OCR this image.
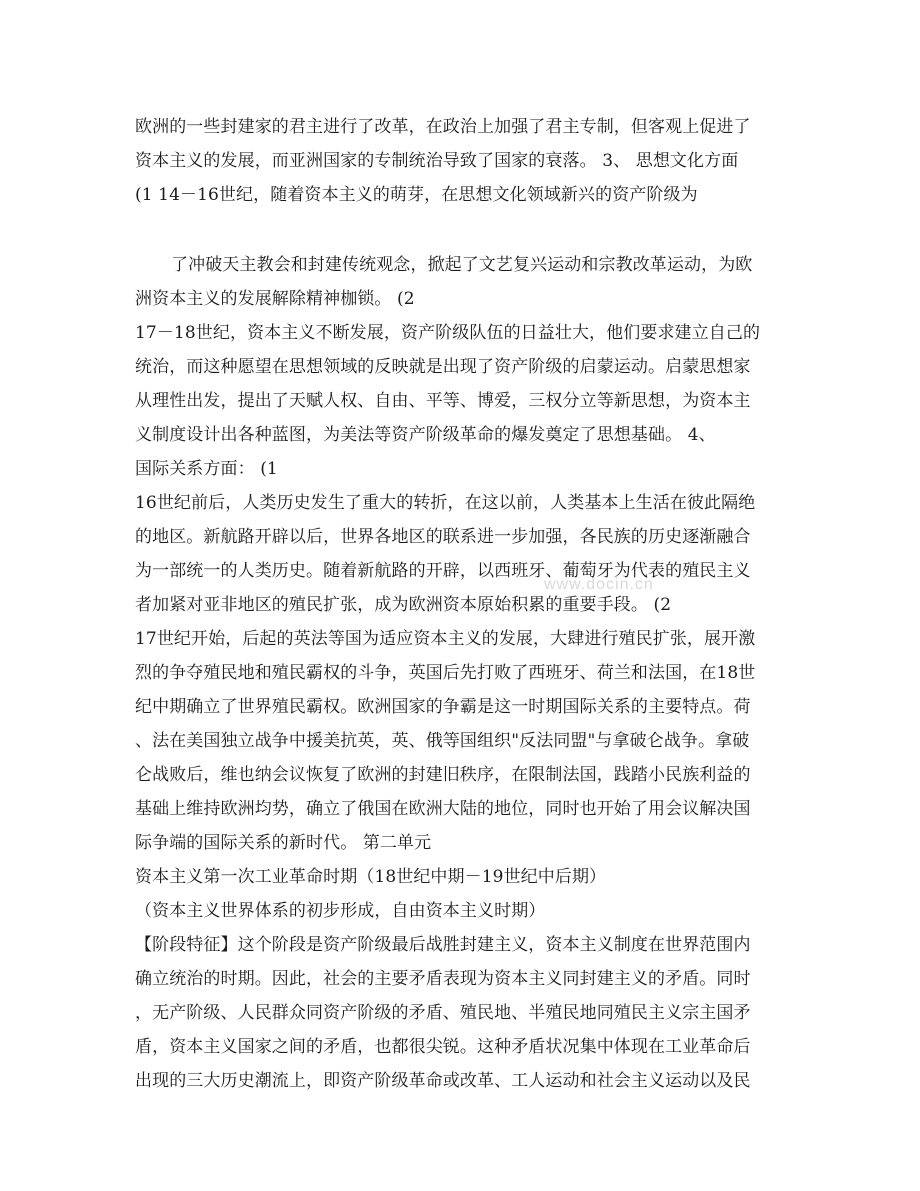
欧洲的一些封建家的君主进行了改革，在政治上加强了君主专制，但客观上促进了
资本主义的发展，而亚洲国家的专制统治导致了国家的衰落。 3、 思想文化方面
(1 14－16世纪，随着资本主义的萌芽，在思想文化领域新兴的资产阶级为
了冲破天主教会和封建传统观念，掀起了文艺复兴运动和宗教改革运动，为欧
洲资本主义的发展解除精神枷锁。 (2
17－18世纪，资本主义不断发展，资产阶级队伍的日益壮大，他们要求建立自己的
统治，而这种愿望在思想领域的反映就是出现了资产阶级的启蒙运动。启蒙思想家
从理性出发，提出了天赋人权、自由、平等、博爱，三权分立等新思想，为资本主
义制度设计出各种蓝图，为美法等资产阶级革命的爆发奠定了思想基础。 4、
国际关系方面： (1
16世纪前后，人类历史发生了重大的转折，在这以前，人类基本上生活在彼此隔绝
的地区。新航路开辟以后，世界各地区的联系进一步加强，各民族的历史逐渐融合
为一部统一的人类历史。随着新航路的开辟，以西班牙、葡萄牙为代表的殖民主义
者加紧对亚非地区的殖民扩张，成为欧洲资本原始积累的重要手段。 (2
17世纪开始，后起的英法等国为适应资本主义的发展，大肆进行殖民扩张，展开激
烈的争夺殖民地和殖民霸权的斗争，英国后先打败了西班牙、荷兰和法国，在18世
纪中期确立了世界殖民霸权。欧洲国家的争霸是这一时期国际关系的主要特点。荷
、法在美国独立战争中援美抗英，英、俄等国组织"反法同盟"与拿破仑战争。拿破
仑战败后，维也纳会议恢复了欧洲的封建旧秩序，在限制法国，践踏小民族利益的
基础上维持欧洲均势，确立了俄国在欧洲大陆的地位，同时也开始了用会议解决国
际争端的国际关系的新时代。 第二单元
资本主义第一次工业革命时期（18世纪中期－19世纪中后期）
（资本主义世界体系的初步形成，自由资本主义时期）
【阶段特征】这个阶段是资产阶级最后战胜封建主义，资本主义制度在世界范围内
确立统治的时期。因此，社会的主要矛盾表现为资本主义同封建主义的矛盾。同时
，无产阶级、人民群众同资产阶级的矛盾、殖民地、半殖民地同殖民主义宗主国矛
盾，资本主义国家之间的矛盾，也都很尖锐。这种矛盾状况集中体现在工业革命后
出现的三大历史潮流上，即资产阶级革命或改革、工人运动和社会主义运动以及民
www.docin.cn
